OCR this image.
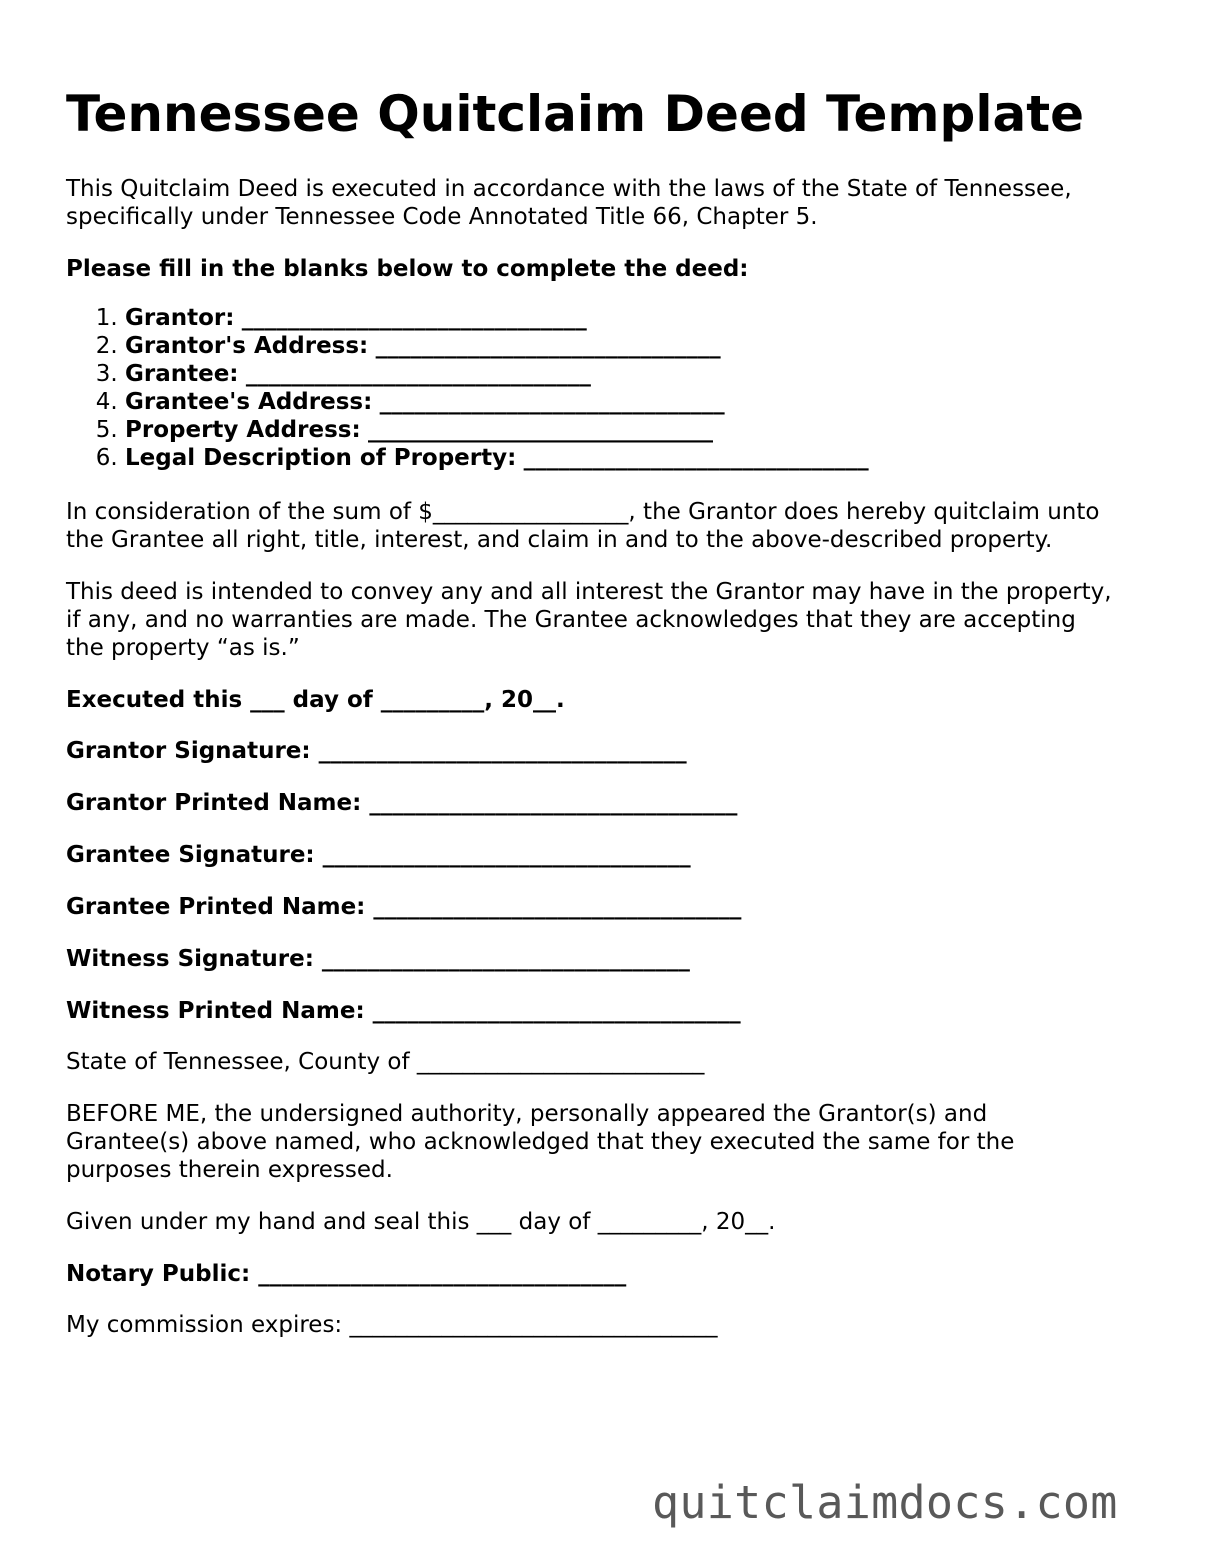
Tennessee Quitclaim Deed Template

This Quitclaim Deed is executed in accordance with the laws of the State of Tennessee,

specifically under Tennessee Code Annotated Title 66, Chapter 5.

Please fill in the blanks below to complete the deed:

1. Grantor: ______________________________
2. Grantor's Address: ______________________________
3. Grantee: ______________________________
4. Grantee's Address: ______________________________
5. Property Address: ______________________________
6. Legal Description of Property: ______________________________

In consideration of the sum of $_________________, the Grantor does hereby quitclaim unto

the Grantee all right, title, interest, and claim in and to the above-described property.

This deed is intended to convey any and all interest the Grantor may have in the property,

if any, and no warranties are made. The Grantee acknowledges that they are accepting

the property “as is.”

Executed this ___ day of _________, 20__.

Grantor Signature: ________________________________

Grantor Printed Name: ________________________________

Grantee Signature: ________________________________

Grantee Printed Name: ________________________________

Witness Signature: ________________________________

Witness Printed Name: ________________________________

State of Tennessee, County of _________________________

BEFORE ME, the undersigned authority, personally appeared the Grantor(s) and

Grantee(s) above named, who acknowledged that they executed the same for the

purposes therein expressed.

Given under my hand and seal this ___ day of _________, 20__.

Notary Public: ________________________________

My commission expires: ________________________________

quitclaimdocs.com
